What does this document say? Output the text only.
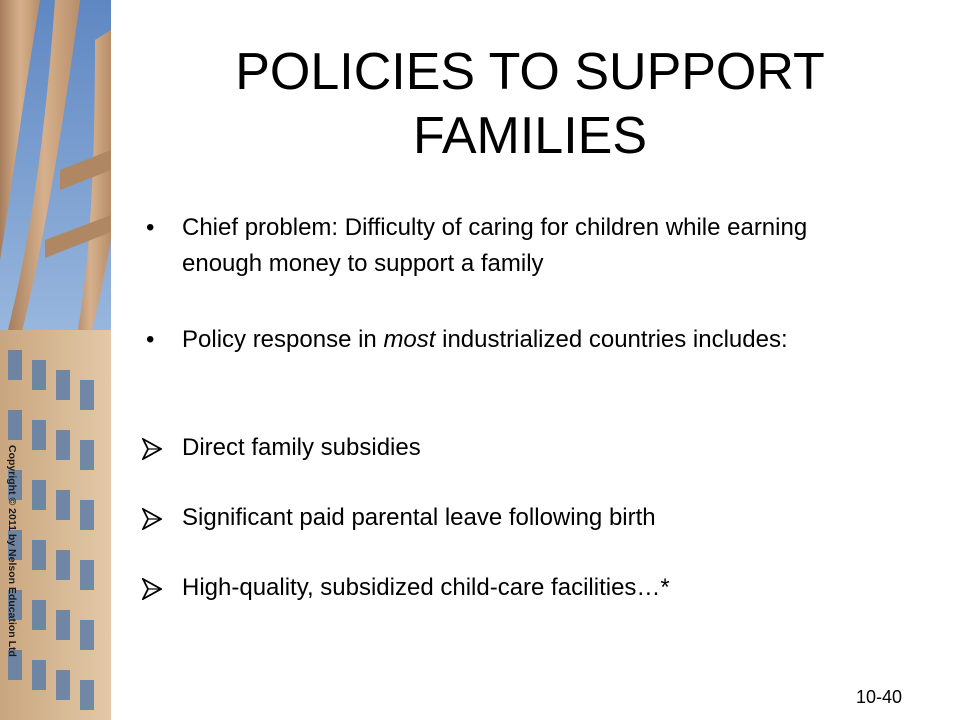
Copyright © 2011 by Nelson Education Ltd
POLICIES TO SUPPORT FAMILIES
•	Chief problem: Difficulty of caring for children while earning enough money to support a family
•	Policy response in most industrialized countries includes:
Direct family subsidies
Significant paid parental leave following birth
High-quality, subsidized child-care facilities…*
10-40
